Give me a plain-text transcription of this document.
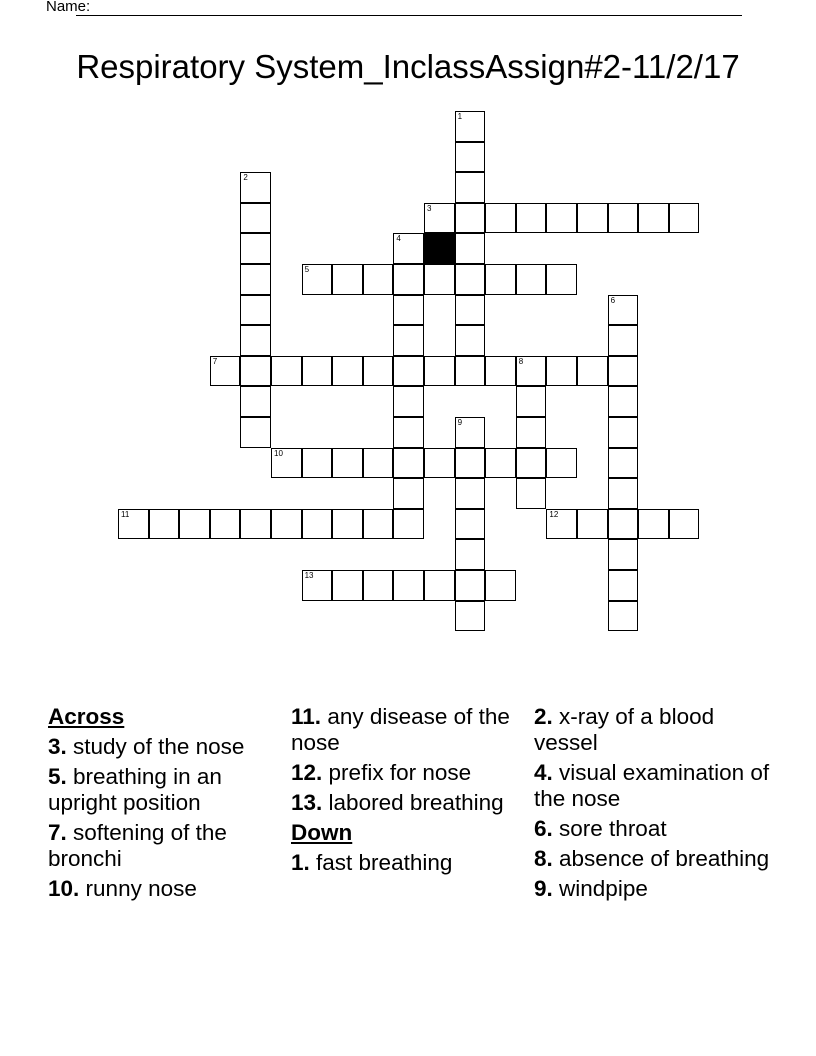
Name:
Respiratory System_InclassAssign#2-11/2/17
1
2
3
4
5
6
7	8
9
10
11	12
13
Across
3. study of the nose
5. breathing in an upright position
7. softening of the bronchi
10. runny nose
11. any disease of the nose
12. prefix for nose
13. labored breathing
Down
1. fast breathing
2. x-ray of a blood vessel
4. visual examination of the nose
6. sore throat
8. absence of breathing
9. windpipe
